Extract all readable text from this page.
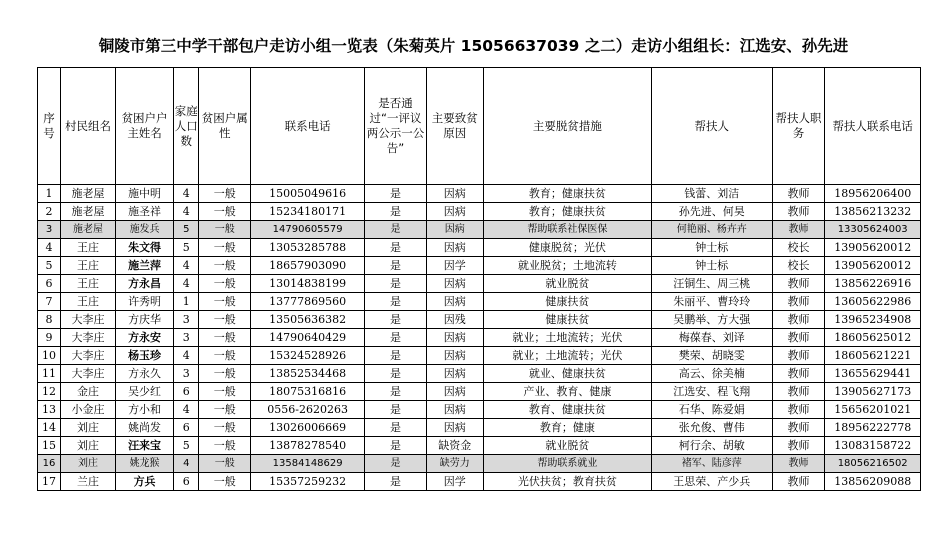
铜陵市第三中学干部包户走访小组一览表（朱菊英片 15056637039 之二）走访小组组长：江选安、孙先进
序号	村民组名	贫困户户主姓名	家庭人口数	贫困户属性	联系电话	是否通过“一评议两公示一公告”	主要致贫原因	主要脱贫措施	帮扶人	帮扶人职务	帮扶人联系电话
1	施老屋	施中明	4	一般	15005049616	是	因病	教育；健康扶贫	钱蕾、刘洁	教师	18956206400
2	施老屋	施圣祥	4	一般	15234180171	是	因病	教育；健康扶贫	孙先进、何昊	教师	13856213232
3	施老屋	施发兵	5	一般	14790605579	是	因病	帮助联系社保医保	何艳丽、杨卉卉	教师	13305624003
4	王庄	朱文得	5	一般	13053285788	是	因病	健康脱贫；光伏	钟士标	校长	13905620012
5	王庄	施兰萍	4	一般	18657903090	是	因学	就业脱贫；土地流转	钟士标	校长	13905620012
6	王庄	方永昌	4	一般	13014838199	是	因病	就业脱贫	汪铜生、周三桃	教师	13856226916
7	王庄	许秀明	1	一般	13777869560	是	因病	健康扶贫	朱丽平、曹玲玲	教师	13605622986
8	大李庄	方庆华	3	一般	13505636382	是	因残	健康扶贫	吴鹏举、方大强	教师	13965234908
9	大李庄	方永安	3	一般	14790640429	是	因病	就业；土地流转；光伏	梅葆春、刘译	教师	18605625012
10	大李庄	杨玉珍	4	一般	15324528926	是	因病	就业；土地流转；光伏	樊荣、胡晓雯	教师	18605621221
11	大李庄	方永久	3	一般	13852534468	是	因病	就业、健康扶贫	高云、徐美楠	教师	13655629441
12	金庄	吴少红	6	一般	18075316816	是	因病	产业、教育、健康	江选安、程飞翔	教师	13905627173
13	小金庄	方小和	4	一般	0556-2620263	是	因病	教育、健康扶贫	石华、陈爱娟	教师	15656201021
14	刘庄	姚尚发	6	一般	13026006669	是	因病	教育；健康	张允俊、曹伟	教师	18956222778
15	刘庄	汪来宝	5	一般	13878278540	是	缺资金	就业脱贫	柯行余、胡敏	教师	13083158722
16	刘庄	姚龙猴	4	一般	13584148629	是	缺劳力	帮助联系就业	褚军、陆彦萍	教师	18056216502
17	兰庄	方兵	6	一般	15357259232	是	因学	光伏扶贫；教育扶贫	王思荣、产少兵	教师	13856209088
